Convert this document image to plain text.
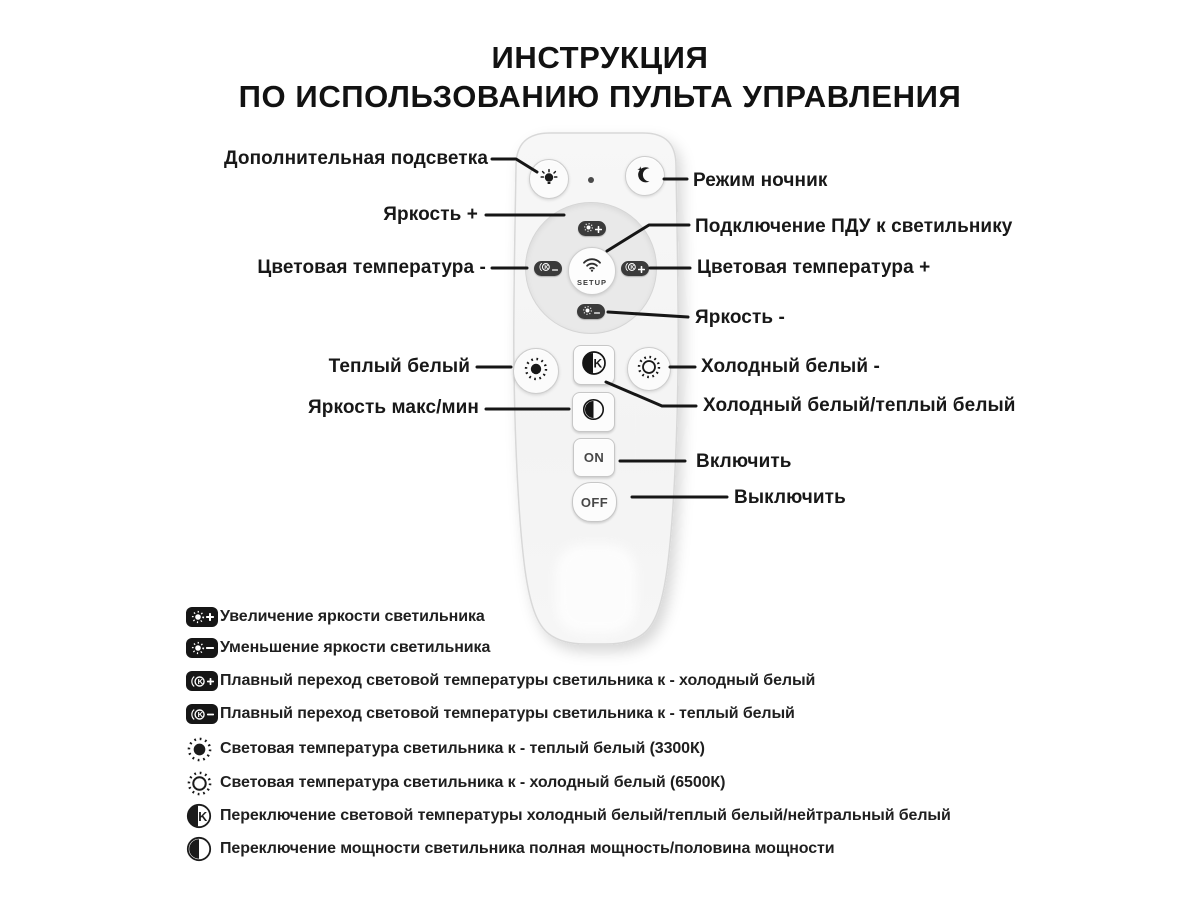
ИНСТРУКЦИЯ
ПО ИСПОЛЬЗОВАНИЮ ПУЛЬТА УПРАВЛЕНИЯ
K	K
SETUP
K
ON
OFF
Дополнительная подсветка
Яркость +
Цветовая температура -
Теплый белый
Яркость макс/мин
Режим ночник
Подключение ПДУ к светильнику
Цветовая температура +
Яркость -
Холодный белый -
Холодный белый/теплый белый
Включить
Выключить
Увеличение яркости светильника
Уменьшение яркости светильника
K Плавный переход световой температуры светильника к - холодный белый
K Плавный переход световой температуры светильника к - теплый белый
Световая температура светильника к - теплый белый (3300К)
Световая температура светильника к - холодный белый (6500К)
K Переключение световой температуры холодный белый/теплый белый/нейтральный белый
Переключение мощности светильника полная мощность/половина мощности
